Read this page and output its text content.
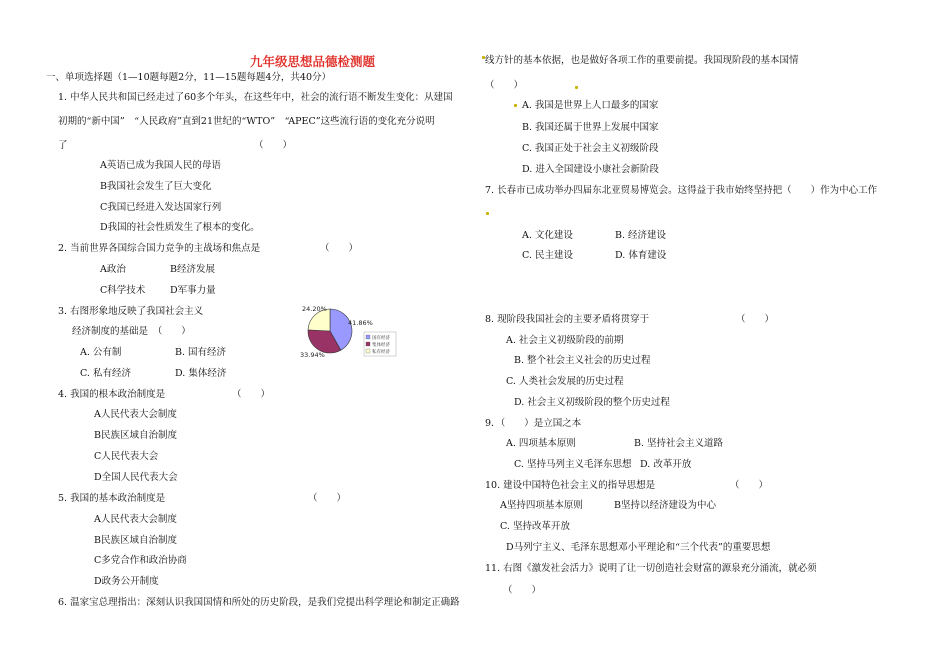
九年级思想品德检测题
一、单项选择题（1—10题每题2分，11—15题每题4分，共40分）
1. 中华人民共和国已经走过了60多个年头，在这些年中，社会的流行语不断发生变化：从建国
初期的“新中国”　“人民政府”直到21世纪的“WTO”　“APEC”这些流行语的变化充分说明
了	（　　）
A英语已成为我国人民的母语
B我国社会发生了巨大变化
C我国已经进入发达国家行列
D我国的社会性质发生了根本的变化。
2. 当前世界各国综合国力竞争的主战场和焦点是	（　　）
A政治	B经济发展
C科学技术	D军事力量
3. 右图形象地反映了我国社会主义
经济制度的基础是　（　　）
A. 公有制	B. 国有经济
C. 私有经济	D. 集体经济
41.86%
33.94%
24.20%
国有经济
集体经济
私有经济
4. 我国的根本政治制度是	（　　）
A人民代表大会制度
B民族区域自治制度
C人民代表大会
D全国人民代表大会
5. 我国的基本政治制度是	（　　）
A人民代表大会制度
B民族区域自治制度
C多党合作和政治协商
D政务公开制度
6. 温家宝总理指出：深刻认识我国国情和所处的历史阶段，是我们党提出科学理论和制定正确路
线方针的基本依据，也是做好各项工作的重要前提。我国现阶段的基本国情
（　　）
A. 我国是世界上人口最多的国家
B. 我国还属于世界上发展中国家
C. 我国正处于社会主义初级阶段
D. 进入全国建设小康社会新阶段
7. 长春市已成功举办四届东北亚贸易博览会。这得益于我市始终坚持把（　　）作为中心工作
A. 文化建设	B. 经济建设
C. 民主建设	D. 体育建设
8. 现阶段我国社会的主要矛盾将贯穿于	（　　）
A. 社会主义初级阶段的前期
B. 整个社会主义社会的历史过程
C. 人类社会发展的历史过程
D. 社会主义初级阶段的整个历史过程
9．（　　）是立国之本
A. 四项基本原则	B. 坚持社会主义道路
C. 坚持马列主义毛泽东思想 D. 改革开放
10. 建设中国特色社会主义的指导思想是	（　　）
A坚持四项基本原则	B坚持以经济建设为中心
C. 坚持改革开放
D马列宁主义、毛泽东思想邓小平理论和“三个代表”的重要思想
11. 右图《激发社会活力》说明了让一切创造社会财富的源泉充分涌流，就必须
（　　）
